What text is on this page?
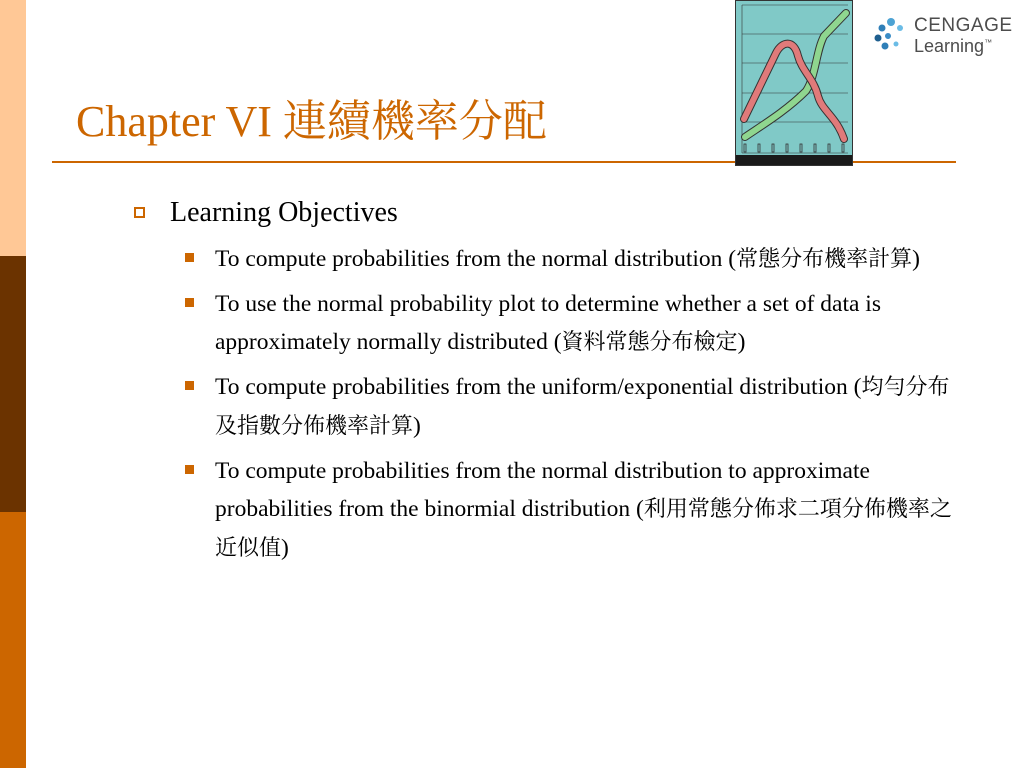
Chapter VI 連續機率分配
CENGAGE
Learning™
Learning Objectives
To compute probabilities from the normal distribution (常態分布機率計算)
To use the normal probability plot to determine whether a set of data is approximately normally distributed (資料常態分布檢定)
To compute probabilities from the uniform/exponential distribution (均勻分布及指數分佈機率計算)
To compute probabilities from the normal distribution to approximate probabilities from the binormial distribution (利用常態分佈求二項分佈機率之近似值)
